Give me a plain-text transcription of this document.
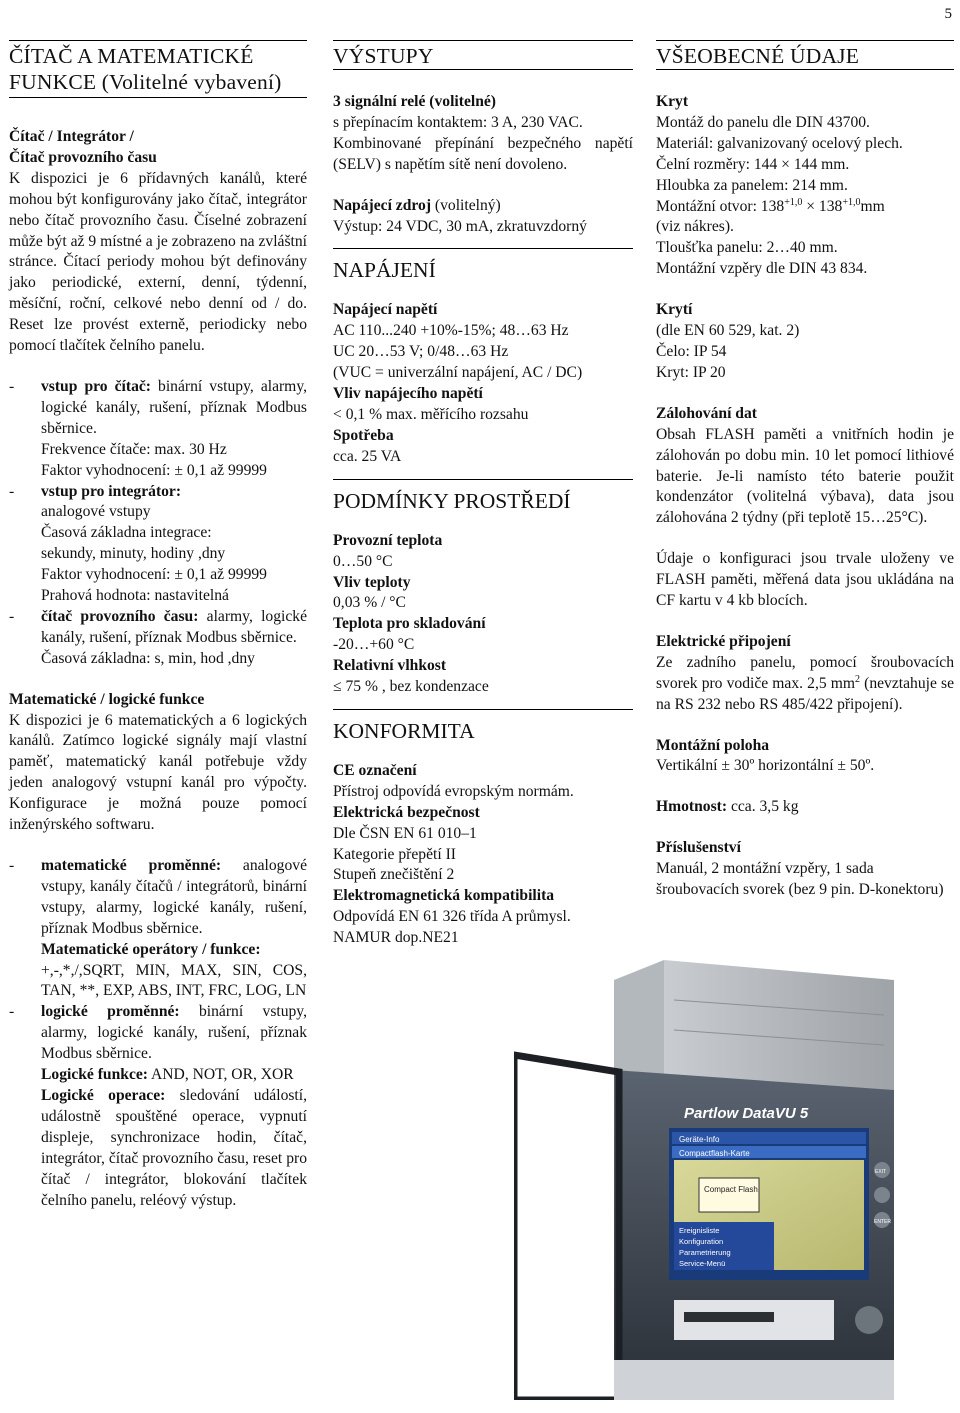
5
ČÍTAČ A MATEMATICKÉ FUNKCE (Volitelné vybavení)

Čítač / Integrátor /
Čítač provozního času

K dispozici je 6 přídavných kanálů, které mohou být konfigurovány jako čítač, integrátor nebo čítač provozního času. Číselné zobrazení může být až 9 místné a je zobrazeno na zvláštní stránce. Čítací periody mohou být definovány jako periodické, externí, denní, týdenní, měsíční, roční, celkové nebo denní od / do. Reset lze provést externě, periodicky nebo pomocí tlačítek čelního panelu.

- vstup pro čítač: binární vstupy, alarmy, logické kanály, rušení, příznak Modbus sběrnice.
Frekvence čítače: max. 30 Hz
Faktor vyhodnocení: ± 0,1 až 99999
- vstup pro integrátor:
analogové vstupy
Časová základna integrace:
sekundy, minuty, hodiny ,dny
Faktor vyhodnocení: ± 0,1 až 99999
Prahová hodnota: nastavitelná
- čítač provozního času: alarmy, logické kanály, rušení, příznak Modbus sběrnice.
Časová základna: s, min, hod ,dny

Matematické / logické funkce

K dispozici je 6 matematických a 6 logických kanálů. Zatímco logické signály mají vlastní paměť, matematický kanál potřebuje vždy jeden analogový vstupní kanál pro výpočty. Konfigurace je možná pouze pomocí inženýrského softwaru.

- matematické proměnné: analogové vstupy, kanály čítačů / integrátorů, binární vstupy, alarmy, logické kanály, rušení, příznak Modbus sběrnice.
Matematické operátory / funkce:
+,-,*,/,SQRT, MIN, MAX, SIN, COS, TAN, **, EXP, ABS, INT, FRC, LOG, LN
- logické proměnné: binární vstupy, alarmy, logické kanály, rušení, příznak Modbus sběrnice.
Logické funkce: AND, NOT, OR, XOR
Logické operace: sledování událostí, událostně spouštěné operace, vypnutí displeje, synchronizace hodin, čítač, integrátor, čítač provozního času, reset pro čítač / integrátor, blokování tlačítek čelního panelu, reléový výstup.
VÝSTUPY

3 signální relé (volitelné)

s přepínacím kontaktem: 3 A, 230 VAC.

Kombinované přepínání bezpečného napětí (SELV) s napětím sítě není dovoleno.

Napájecí zdroj (volitelný)

Výstup: 24 VDC, 30 mA, zkratuvzdorný

NAPÁJENÍ

Napájecí napětí

AC 110...240 +10%-15%; 48…63 Hz

UC 20…53 V; 0/48…63 Hz

(VUC = univerzální napájení, AC / DC)

Vliv napájecího napětí

< 0,1 % max. měřícího rozsahu

Spotřeba

cca. 25 VA

PODMÍNKY PROSTŘEDÍ

Provozní teplota

0…50 °C

Vliv teploty

0,03 % / °C

Teplota pro skladování

-20…+60 °C

Relativní vlhkost

≤ 75 % , bez kondenzace

KONFORMITA

CE označení

Přístroj odpovídá evropským normám.

Elektrická bezpečnost

Dle ČSN EN 61 010–1

Kategorie přepětí II

Stupeň znečištění 2

Elektromagnetická kompatibilita

Odpovídá EN 61 326 třída A průmysl.

NAMUR dop.NE21

VŠEOBECNÉ ÚDAJE

Kryt

Montáž do panelu dle DIN 43700.

Materiál: galvanizovaný ocelový plech.

Čelní rozměry: 144 × 144 mm.

Hloubka za panelem: 214 mm.

Montážní otvor: $138^{+1,0} \times 138^{+1,0}mm$

(viz nákres).

Tloušťka panelu: 2…40 mm.

Montážní vzpěry dle DIN 43 834.

Krytí

(dle EN 60 529, kat. 2)

Čelo: IP 54

Kryt: IP 20

Zálohování dat

Obsah FLASH paměti a vnitřních hodin je zálohován po dobu min. 10 let pomocí lithiové baterie. Je-li namísto této baterie použit kondenzátor (volitelná výbava), data jsou zálohována 2 týdny (při teplotě 15…25°C).

Údaje o konfiguraci jsou trvale uloženy ve FLASH paměti, měřená data jsou ukládána na CF kartu v 4 kb blocích.

Elektrické připojení

Ze zadního panelu, pomocí šroubovacích svorek pro vodiče max. 2,5 $mm^2$ (nevztahuje se na RS 232 nebo RS 485/422 připojení).

Montážní poloha

Vertikální ± 30º horizontální ± 50º.

Hmotnost: cca. 3,5 kg

Příslušenství

Manuál, 2 montážní vzpěry, 1 sada šroubovacích svorek (bez 9 pin. D-konektoru)

Partlow DataVU 5
Geräte-Info
Compactflash-Karte
Compact Flash
Ereignisliste
Konfiguration
Parametrierung
Service-Menü
EXIT
ENTER
